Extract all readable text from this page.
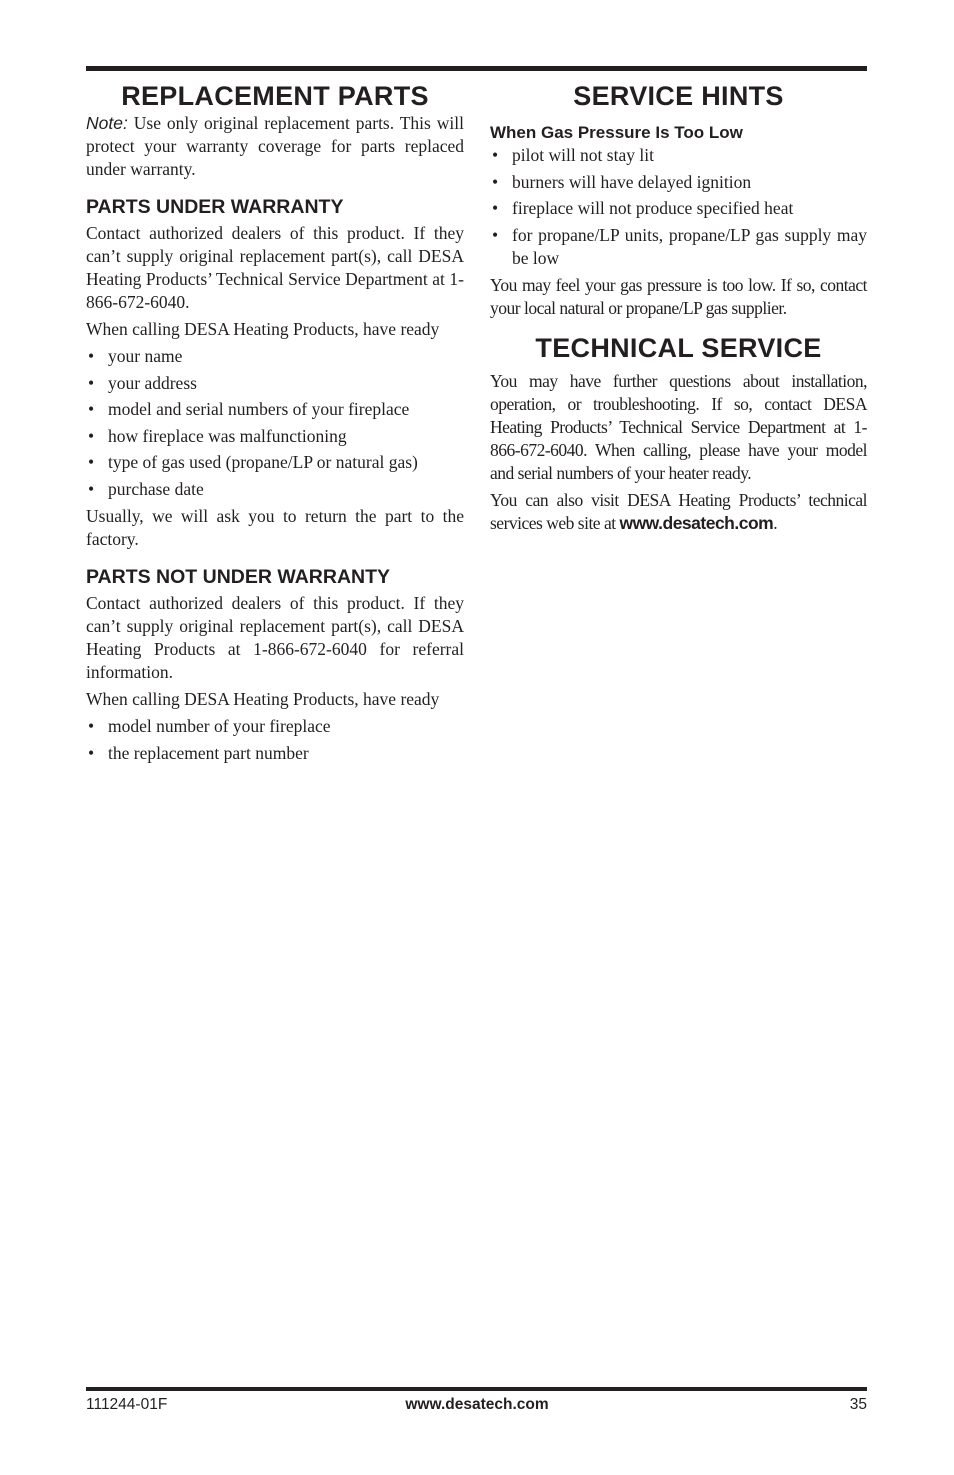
REPLACEMENT PARTS

Note: Use only original replacement parts. This will protect your warranty coverage for parts replaced under warranty.

PARTS UNDER WARRANTY

Contact authorized dealers of this product. If they can’t supply original replacement part(s), call DESA Heating Products’ Technical Service Department at 1-866-672-6040.

When calling DESA Heating Products, have ready

• your name
• your address
• model and serial numbers of your fireplace
• how fireplace was malfunctioning
• type of gas used (propane/LP or natural gas)
• purchase date

Usually, we will ask you to return the part to the factory.

PARTS NOT UNDER WARRANTY

Contact authorized dealers of this product. If they can’t supply original replacement part(s), call DESA Heating Products at 1-866-672-6040 for referral information.

When calling DESA Heating Products, have ready

• model number of your fireplace
• the replacement part number
SERVICE HINTS
When Gas Pressure Is Too Low
• pilot will not stay lit
• burners will have delayed ignition
• fireplace will not produce specified heat
• for propane/LP units, propane/LP gas supply may be low

You may feel your gas pressure is too low. If so, contact your local natural or propane/LP gas supplier.

TECHNICAL SERVICE

You may have further questions about installation, operation, or troubleshooting. If so, contact DESA Heating Products’ Technical Service Department at 1-866-672-6040. When calling, please have your model and serial numbers of your heater ready.

You can also visit DESA Heating Products’ technical services web site at www.desatech.com.

111244-01F	www.desatech.com	35
